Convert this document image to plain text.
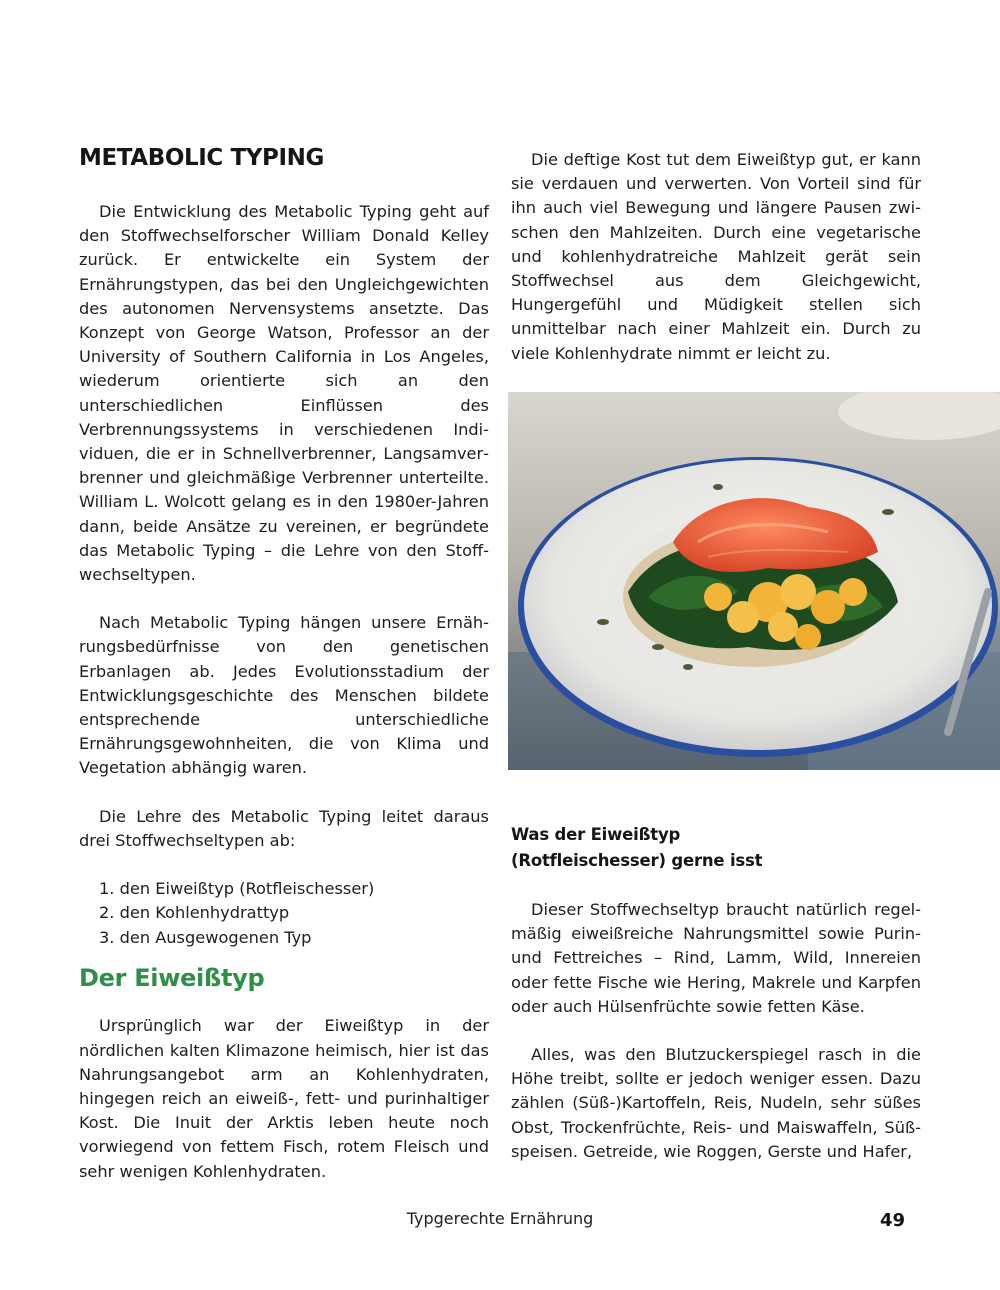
METABOLIC TYPING

Die Entwicklung des Metabolic Typing geht auf den Stoffwechselforscher William Donald Kelley zurück. Er entwickelte ein System der Ernährungstypen, das bei den Ungleichgewichten des autonomen Nervensystems ansetzte. Das Konzept von George Watson, Professor an der University of Southern California in Los Angeles, wiederum orientierte sich an den unterschiedlichen Einflüssen des Verbrennungssystems in verschiedenen Individuen, die er in Schnellverbrenner, Langsamverbrenner und gleichmäßige Verbrenner unterteilte. William L. Wolcott gelang es in den 1980er-Jahren dann, beide Ansätze zu vereinen, er begründete das Metabolic Typing – die Lehre von den Stoffwechseltypen.

Nach Metabolic Typing hängen unsere Ernährungsbedürfnisse von den genetischen Erbanlagen ab. Jedes Evolutionsstadium der Entwicklungsgeschichte des Menschen bildete entsprechende unterschiedliche Ernährungsgewohnheiten, die von Klima und Vegetation abhängig waren.

Die Lehre des Metabolic Typing leitet daraus drei Stoffwechseltypen ab:

1. den Eiweißtyp (Rotfleischesser)
2. den Kohlenhydrattyp
3. den Ausgewogenen Typ
Der Eiweißtyp

Ursprünglich war der Eiweißtyp in der nördlichen kalten Klimazone heimisch, hier ist das Nahrungsangebot arm an Kohlenhydraten, hingegen reich an eiweiß-, fett- und purinhaltiger Kost. Die Inuit der Arktis leben heute noch vorwiegend von fettem Fisch, rotem Fleisch und sehr wenigen Kohlenhydraten.

Die deftige Kost tut dem Eiweißtyp gut, er kann sie verdauen und verwerten. Von Vorteil sind für ihn auch viel Bewegung und längere Pausen zwischen den Mahlzeiten. Durch eine vegetarische und kohlenhydratreiche Mahlzeit gerät sein Stoffwechsel aus dem Gleichgewicht, Hungergefühl und Müdigkeit stellen sich unmittelbar nach einer Mahlzeit ein. Durch zu viele Kohlenhydrate nimmt er leicht zu.

Was der Eiweißtyp
(Rotfleischesser) gerne isst

Dieser Stoffwechseltyp braucht natürlich regelmäßig eiweißreiche Nahrungsmittel sowie Purin- und Fettreiches – Rind, Lamm, Wild, Innereien oder fette Fische wie Hering, Makrele und Karpfen oder auch Hülsenfrüchte sowie fetten Käse.

Alles, was den Blutzuckerspiegel rasch in die Höhe treibt, sollte er jedoch weniger essen. Dazu zählen (Süß-)Kartoffeln, Reis, Nudeln, sehr süßes Obst, Trockenfrüchte, Reis- und Maiswaffeln, Süßspeisen. Getreide, wie Roggen, Gerste und Hafer,

Typgerechte Ernährung	49
